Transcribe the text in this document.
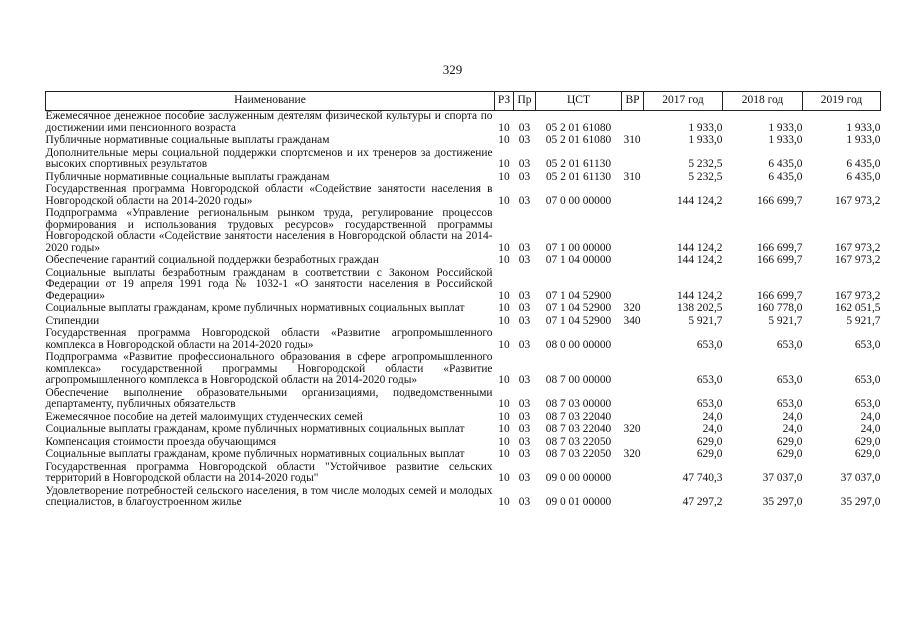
329
Наименование	РЗ	Пр	ЦСТ	ВР	2017 год	2018 год	2019 год
Ежемесячное денежное пособие заслуженным деятелям физической культуры и спорта по достижении ими пенсионного возраста	10	03	05 2 01 61080		1 933,0	1 933,0	1 933,0
Публичные нормативные социальные выплаты гражданам	10	03	05 2 01 61080	310	1 933,0	1 933,0	1 933,0
Дополнительные меры социальной поддержки спортсменов и их тренеров за достижение высоких спортивных результатов	10	03	05 2 01 61130		5 232,5	6 435,0	6 435,0
Публичные нормативные социальные выплаты гражданам	10	03	05 2 01 61130	310	5 232,5	6 435,0	6 435,0
Государственная программа Новгородской области «Содействие занятости населения в Новгородской области на 2014-2020 годы»	10	03	07 0 00 00000		144 124,2	166 699,7	167 973,2
Подпрограмма «Управление региональным рынком труда, регулирование процессов формирования и использования трудовых ресурсов» государственной программы Новгородской области «Содействие занятости населения в Новгородской области на 2014-2020 годы»	10	03	07 1 00 00000		144 124,2	166 699,7	167 973,2
Обеспечение гарантий социальной поддержки безработных граждан	10	03	07 1 04 00000		144 124,2	166 699,7	167 973,2
Социальные выплаты безработным гражданам в соответствии с Законом Российской Федерации от 19 апреля 1991 года № 1032-1 «О занятости населения в Российской Федерации»	10	03	07 1 04 52900		144 124,2	166 699,7	167 973,2
Социальные выплаты гражданам, кроме публичных нормативных социальных выплат	10	03	07 1 04 52900	320	138 202,5	160 778,0	162 051,5
Стипендии	10	03	07 1 04 52900	340	5 921,7	5 921,7	5 921,7
Государственная программа Новгородской области «Развитие агропромышленного комплекса в Новгородской области на 2014-2020 годы»	10	03	08 0 00 00000		653,0	653,0	653,0
Подпрограмма «Развитие профессионального образования в сфере агропромышленного комплекса» государственной программы Новгородской области «Развитие агропромышленного комплекса в Новгородской области на 2014-2020 годы»	10	03	08 7 00 00000		653,0	653,0	653,0
Обеспечение выполнение образовательными организациями, подведомственными департаменту, публичных обязательств	10	03	08 7 03 00000		653,0	653,0	653,0
Ежемесячное пособие на детей малоимущих студенческих семей	10	03	08 7 03 22040		24,0	24,0	24,0
Социальные выплаты гражданам, кроме публичных нормативных социальных выплат	10	03	08 7 03 22040	320	24,0	24,0	24,0
Компенсация стоимости проезда обучающимся	10	03	08 7 03 22050		629,0	629,0	629,0
Социальные выплаты гражданам, кроме публичных нормативных социальных выплат	10	03	08 7 03 22050	320	629,0	629,0	629,0
Государственная программа Новгородской области "Устойчивое развитие сельских территорий в Новгородской области на 2014-2020 годы"	10	03	09 0 00 00000		47 740,3	37 037,0	37 037,0
Удовлетворение потребностей сельского населения, в том числе молодых семей и молодых специалистов, в благоустроенном жилье	10	03	09 0 01 00000		47 297,2	35 297,0	35 297,0
